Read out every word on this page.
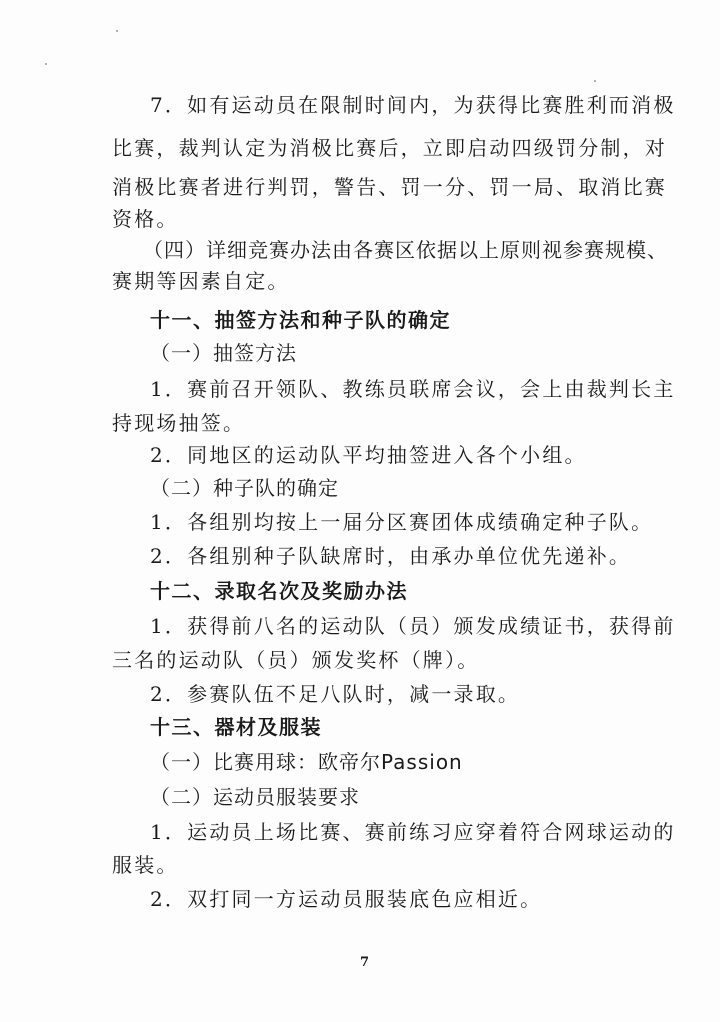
7．如有运动员在限制时间内，为获得比赛胜利而消极
比赛，裁判认定为消极比赛后，立即启动四级罚分制，对
消极比赛者进行判罚，警告、罚一分、罚一局、取消比赛
资格。
（四）详细竞赛办法由各赛区依据以上原则视参赛规模、
赛期等因素自定。
十一、抽签方法和种子队的确定
（一）抽签方法
1．赛前召开领队、教练员联席会议，会上由裁判长主
持现场抽签。
2．同地区的运动队平均抽签进入各个小组。
（二）种子队的确定
1．各组别均按上一届分区赛团体成绩确定种子队。
2．各组别种子队缺席时，由承办单位优先递补。
十二、录取名次及奖励办法
1．获得前八名的运动队（员）颁发成绩证书，获得前
三名的运动队（员）颁发奖杯（牌）。
2．参赛队伍不足八队时，减一录取。
十三、器材及服装
（一）比赛用球：欧帝尔Passion
（二）运动员服装要求
1．运动员上场比赛、赛前练习应穿着符合网球运动的
服装。
2．双打同一方运动员服装底色应相近。
7
